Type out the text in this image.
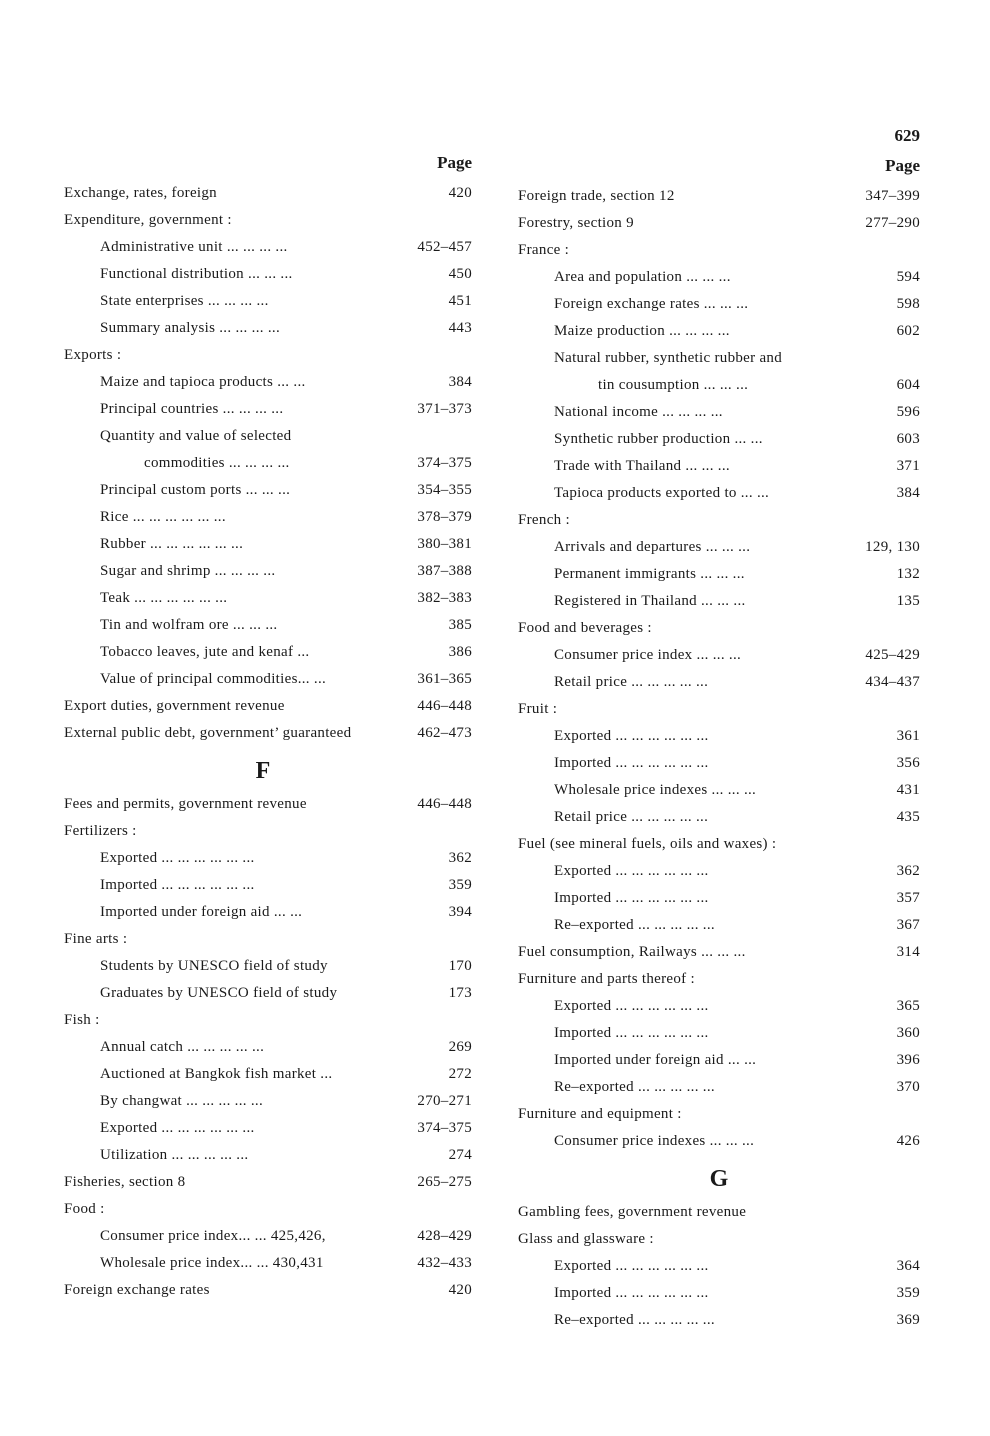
629
Page
Exchange, rates, foreign	420
Expenditure, government :
Administrative unit ... ... ... ...	452–457
Functional distribution ... ... ...	450
State enterprises ... ... ... ...	451
Summary analysis ... ... ... ...	443
Exports :
Maize and tapioca products ... ...	384
Principal countries ... ... ... ...	371–373
Quantity and value of selected
commodities ... ... ... ...	374–375
Principal custom ports ... ... ...	354–355
Rice ... ... ... ... ... ...	378–379
Rubber ... ... ... ... ... ...	380–381
Sugar and shrimp ... ... ... ...	387–388
Teak ... ... ... ... ... ...	382–383
Tin and wolfram ore ... ... ...	385
Tobacco leaves, jute and kenaf ...	386
Value of principal commodities... ...	361–365
Export duties, government revenue	446–448
External public debt, government’ guaranteed	462–473
F
Fees and permits, government revenue	446–448
Fertilizers :
Exported ... ... ... ... ... ...	362
Imported ... ... ... ... ... ...	359
Imported under foreign aid ... ...	394
Fine arts :
Students by UNESCO field of study	170
Graduates by UNESCO field of study	173
Fish :
Annual catch ... ... ... ... ...	269
Auctioned at Bangkok fish market ...	272
By changwat ... ... ... ... ...	270–271
Exported ... ... ... ... ... ...	374–375
Utilization ... ... ... ... ...	274
Fisheries, section 8	265–275
Food :
Consumer price index... ... 425,426,	428–429
Wholesale price index... ... 430,431	432–433
Foreign exchange rates	420
Page
Foreign trade, section 12	347–399
Forestry, section 9	277–290
France :
Area and population ... ... ...	594
Foreign exchange rates ... ... ...	598
Maize production ... ... ... ...	602
Natural rubber, synthetic rubber and
tin cousumption ... ... ...	604
National income ... ... ... ...	596
Synthetic rubber production ... ...	603
Trade with Thailand ... ... ...	371
Tapioca products exported to ... ...	384
French :
Arrivals and departures ... ... ...	129, 130
Permanent immigrants ... ... ...	132
Registered in Thailand ... ... ...	135
Food and beverages :
Consumer price index ... ... ...	425–429
Retail price ... ... ... ... ...	434–437
Fruit :
Exported ... ... ... ... ... ...	361
Imported ... ... ... ... ... ...	356
Wholesale price indexes ... ... ...	431
Retail price ... ... ... ... ...	435
Fuel (see mineral fuels, oils and waxes) :
Exported ... ... ... ... ... ...	362
Imported ... ... ... ... ... ...	357
Re–exported ... ... ... ... ...	367
Fuel consumption, Railways ... ... ...	314
Furniture and parts thereof :
Exported ... ... ... ... ... ...	365
Imported ... ... ... ... ... ...	360
Imported under foreign aid ... ...	396
Re–exported ... ... ... ... ...	370
Furniture and equipment :
Consumer price indexes ... ... ...	426
G
Gambling fees, government revenue
Glass and glassware :
Exported ... ... ... ... ... ...	364
Imported ... ... ... ... ... ...	359
Re–exported ... ... ... ... ...	369
